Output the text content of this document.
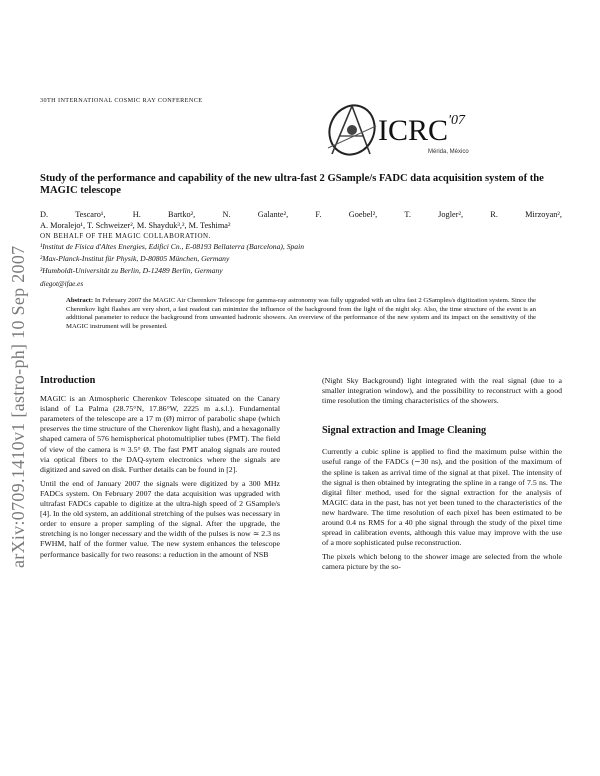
30TH INTERNATIONAL COSMIC RAY CONFERENCE
ICRC '07
Mérida, México
arXiv:0709.1410v1 [astro-ph] 10 Sep 2007
Study of the performance and capability of the new ultra-fast 2 GSample/s FADC data acquisition system of the MAGIC telescope
D. Tescaro¹, H. Bartko², N. Galante², F. Goebel², T. Jogler², R. Mirzoyan²,
A. Moralejo¹, T. Schweizer², M. Shayduk³,², M. Teshima²
ON BEHALF OF THE MAGIC COLLABORATION.
¹Institut de Física d'Altes Energies, Edifici Cn., E-08193 Bellaterra (Barcelona), Spain
²Max-Planck-Institut für Physik, D-80805 München, Germany
³Humboldt-Universität zu Berlin, D-12489 Berlin, Germany
diegot@ifae.es
Abstract: In February 2007 the MAGIC Air Cherenkov Telescope for gamma-ray astronomy was fully upgraded with an ultra fast 2 GSamples/s digitization system. Since the Cherenkov light flashes are very short, a fast readout can minimize the influence of the background from the light of the night sky. Also, the time structure of the event is an additional parameter to reduce the background from unwanted hadronic showers. An overview of the performance of the new system and its impact on the sensitivity of the MAGIC instrument will be presented.
Introduction

MAGIC is an Atmospheric Cherenkov Telescope situated on the Canary island of La Palma (28.75°N, 17.86°W, 2225 m a.s.l.). Fundamental parameters of the telescope are a 17 m (Ø) mirror of parabolic shape (which preserves the time structure of the Cherenkov light flash), and a hexagonally shaped camera of 576 hemispherical photomultiplier tubes (PMT). The field of view of the camera is ≈ 3.5° Ø. The fast PMT analog signals are routed via optical fibers to the DAQ-sytem electronics where the signals are digitized and saved on disk. Further details can be found in [2].

Until the end of January 2007 the signals were digitized by a 300 MHz FADCs system. On February 2007 the data acquisition was upgraded with ultrafast FADCs capable to digitize at the ultra-high speed of 2 GSample/s [4]. In the old system, an additional stretching of the pulses was necessary in order to ensure a proper sampling of the signal. After the upgrade, the stretching is no longer necessary and the width of the pulses is now ≃ 2.3 ns FWHM, half of the former value. The new system enhances the telescope performance basically for two reasons: a reduction in the amount of NSB

(Night Sky Background) light integrated with the real signal (due to a smaller integration window), and the possibility to reconstruct with a good time resolution the timing characteristics of the showers.

Signal extraction and Image Cleaning

Currently a cubic spline is applied to find the maximum pulse within the useful range of the FADCs (∼30 ns), and the position of the maximum of the spline is taken as arrival time of the signal at that pixel. The intensity of the signal is then obtained by integrating the spline in a range of 7.5 ns. The digital filter method, used for the signal extraction for the analysis of MAGIC data in the past, has not yet been tuned to the characteristics of the new hardware. The time resolution of each pixel has been estimated to be around 0.4 ns RMS for a 40 phe signal through the study of the pixel time spread in calibration events, although this value may improve with the use of a more sophisticated pulse reconstruction.

The pixels which belong to the shower image are selected from the whole camera picture by the so-
